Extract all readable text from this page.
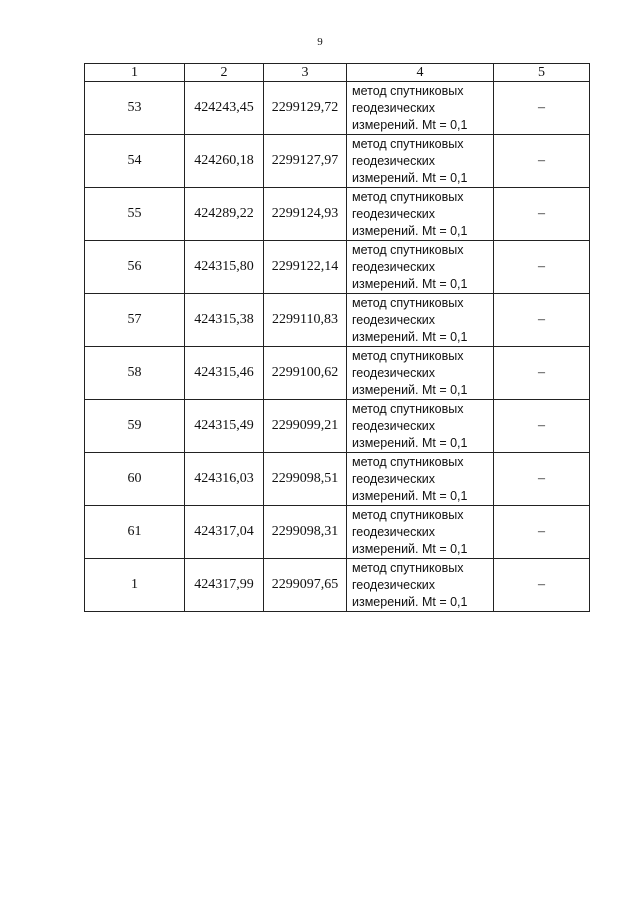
9
1	2	3	4	5
53	424243,45	2299129,72	метод спутниковых
геодезических
измерений. Mt = 0,1	–
54	424260,18	2299127,97	метод спутниковых
геодезических
измерений. Mt = 0,1	–
55	424289,22	2299124,93	метод спутниковых
геодезических
измерений. Mt = 0,1	–
56	424315,80	2299122,14	метод спутниковых
геодезических
измерений. Mt = 0,1	–
57	424315,38	2299110,83	метод спутниковых
геодезических
измерений. Mt = 0,1	–
58	424315,46	2299100,62	метод спутниковых
геодезических
измерений. Mt = 0,1	–
59	424315,49	2299099,21	метод спутниковых
геодезических
измерений. Mt = 0,1	–
60	424316,03	2299098,51	метод спутниковых
геодезических
измерений. Mt = 0,1	–
61	424317,04	2299098,31	метод спутниковых
геодезических
измерений. Mt = 0,1	–
1	424317,99	2299097,65	метод спутниковых
геодезических
измерений. Mt = 0,1	–
